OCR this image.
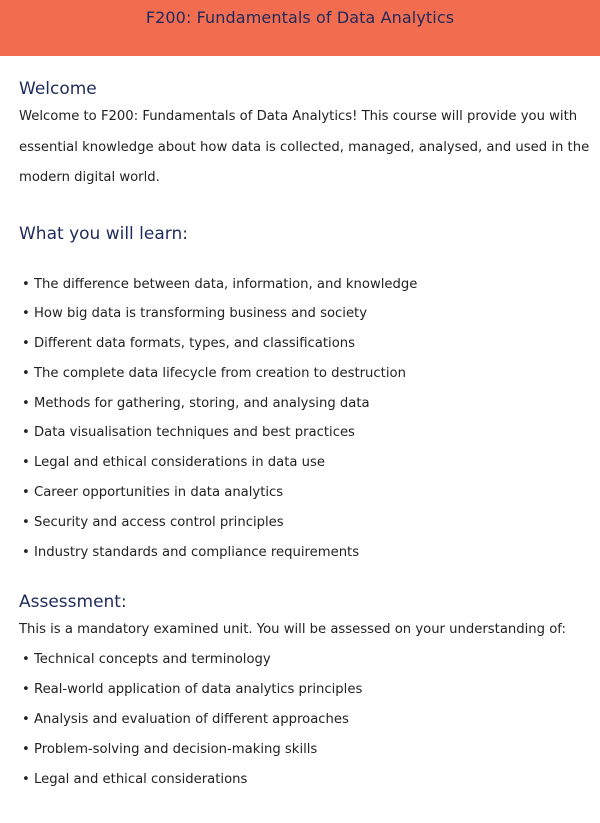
F200: Fundamentals of Data Analytics
Welcome

Welcome to F200: Fundamentals of Data Analytics! This course will provide you with essential knowledge about how data is collected, managed, analysed, and used in the modern digital world.

What you will learn:
• The difference between data, information, and knowledge
• How big data is transforming business and society
• Different data formats, types, and classifications
• The complete data lifecycle from creation to destruction
• Methods for gathering, storing, and analysing data
• Data visualisation techniques and best practices
• Legal and ethical considerations in data use
• Career opportunities in data analytics
• Security and access control principles
• Industry standards and compliance requirements
Assessment:

This is a mandatory examined unit. You will be assessed on your understanding of:

• Technical concepts and terminology
• Real-world application of data analytics principles
• Analysis and evaluation of different approaches
• Problem-solving and decision-making skills
• Legal and ethical considerations
